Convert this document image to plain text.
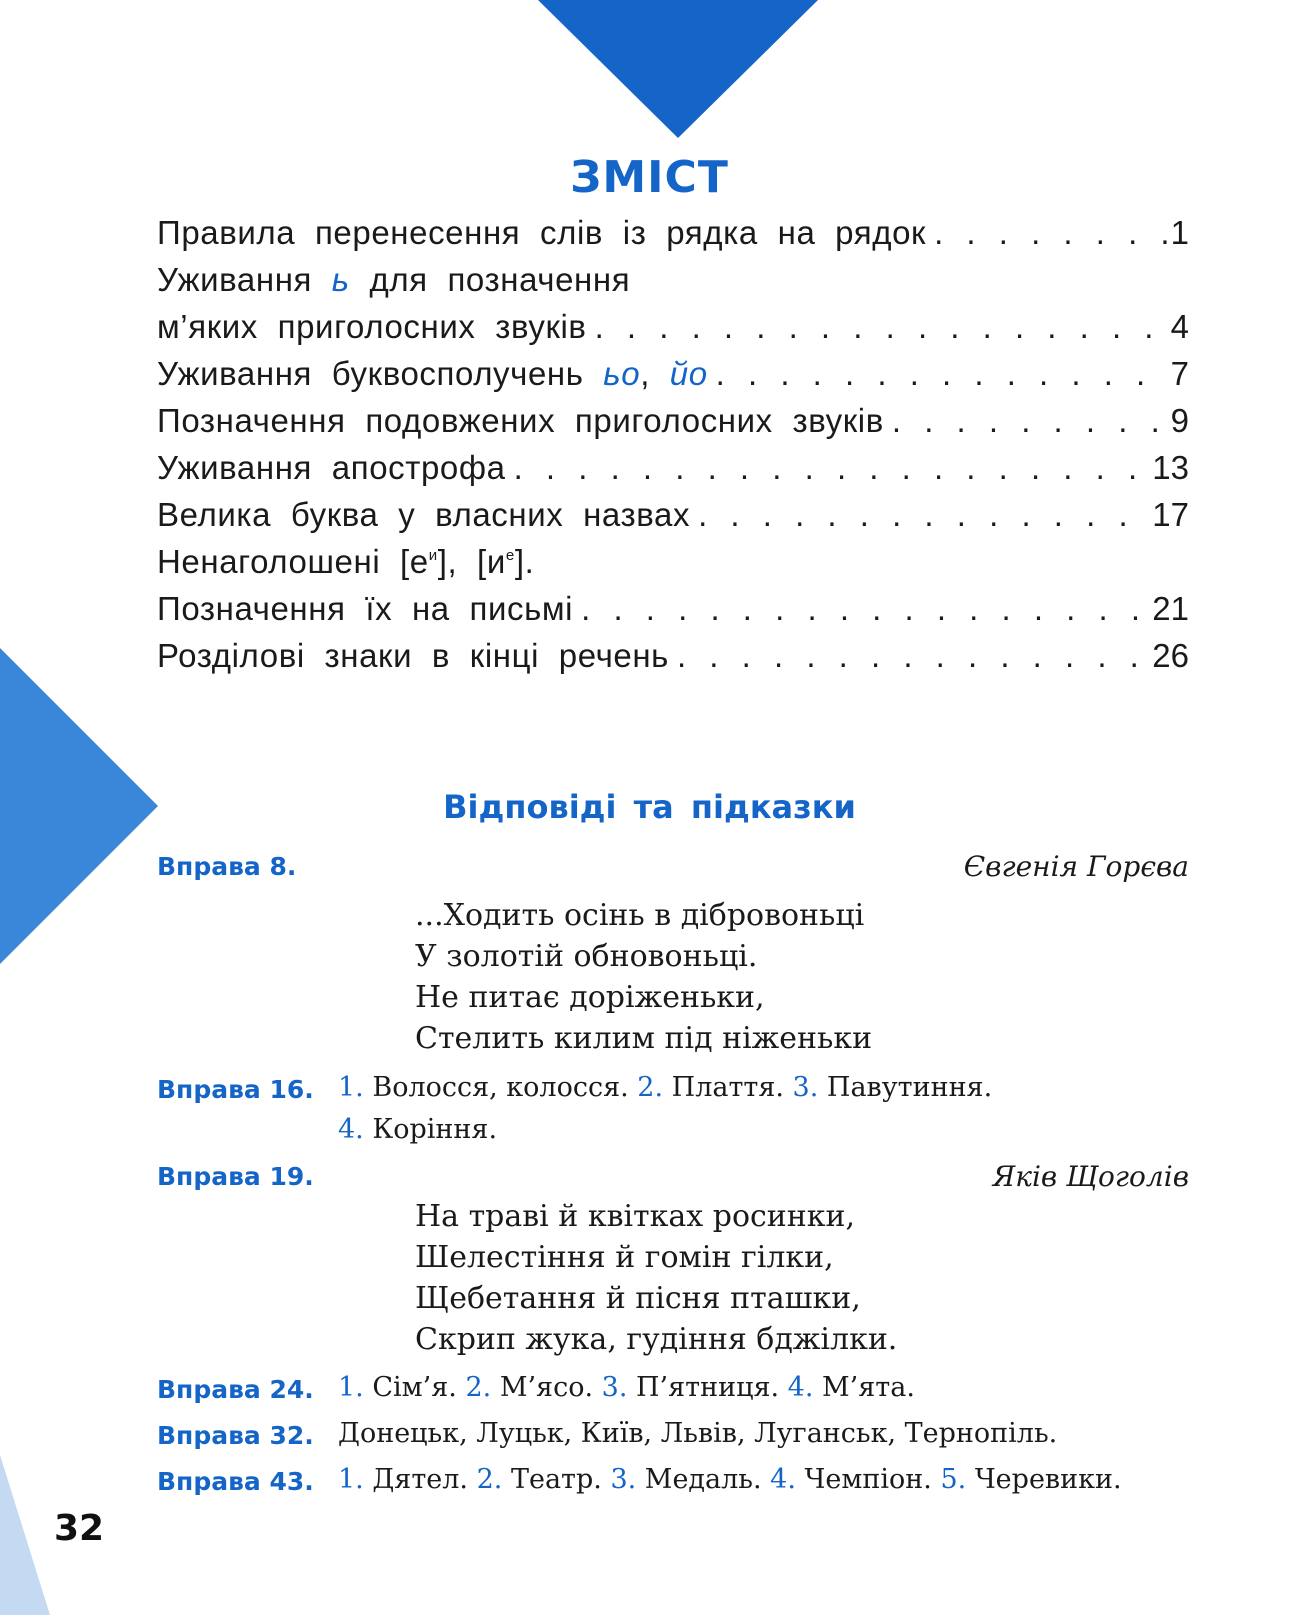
ЗМІСТ
Правила перенесення слів із рядка на рядок . . .	1
Уживання ь для позначення
м’яких приголосних звуків . . .	4
Уживання буквосполучень ьо, йо . . .	7
Позначення подовжених приголосних звуків . . .	9
Уживання апострофа . . .	13
Велика буква у власних назвах . . .	17
Ненаголошені $[е^и]$, $[и^е]$.
Позначення їх на письмі . . .	21
Розділові знаки в кінці речень . . .	26
Відповіді та підказки
Вправа 8.	Євгенія Горєва
...Ходить осінь в дібровоньці
У золотій обновоньці.
Не питає доріженьки,
Стелить килим під ніженьки
Вправа 16. 1. Волосся, колосся. 2. Плаття. 3. Павутиння.
4. Коріння.
Вправа 19.	Яків Щоголів
На траві й квітках росинки,
Шелестіння й гомін гілки,
Щебетання й пісня пташки,
Скрип жука, гудіння бджілки.
Вправа 24. 1. Сім’я. 2. М’ясо. 3. П’ятниця. 4. М’ята.
Вправа 32. Донецьк, Луцьк, Київ, Львів, Луганськ, Тернопіль.
Вправа 43. 1. Дятел. 2. Театр. 3. Медаль. 4. Чемпіон. 5. Черевики.
32
